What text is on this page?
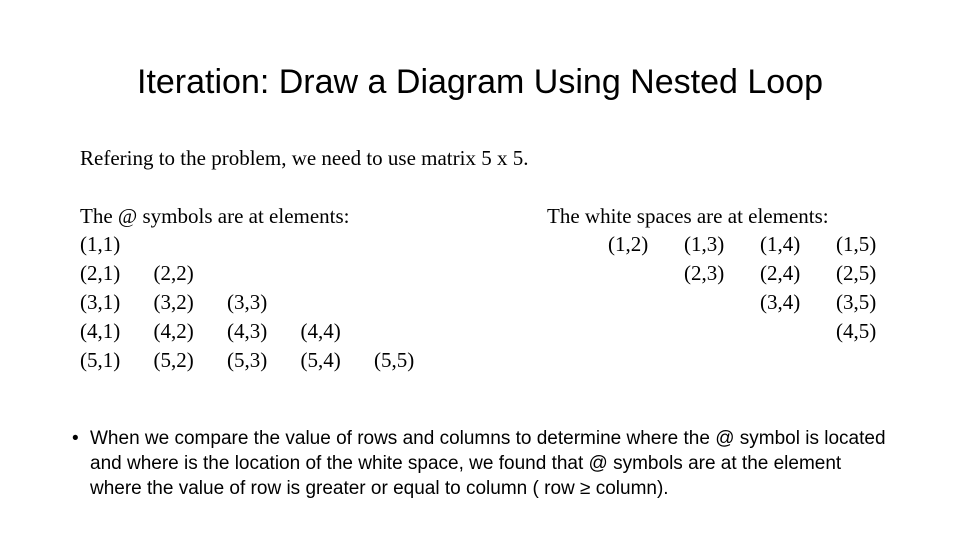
Iteration: Draw a Diagram Using Nested Loop
Refering to the problem, we need to use matrix 5 x 5.
The @ symbols are at elements:	The white spaces are at elements:
(1,1)
(2,1) (2,2)
(3,1) (3,2) (3,3)
(4,1) (4,2) (4,3) (4,4)
(5,1) (5,2) (5,3) (5,4) (5,5)
(1,2) (1,3) (1,4) (1,5)
(2,3) (2,4) (2,5)
(3,4) (3,5)
(4,5)
• When we compare the value of rows and columns to determine where the @ symbol is located and where is the location of the white space, we found that @ symbols are at the element where the value of row is greater or equal to column ( row ≥ column).
